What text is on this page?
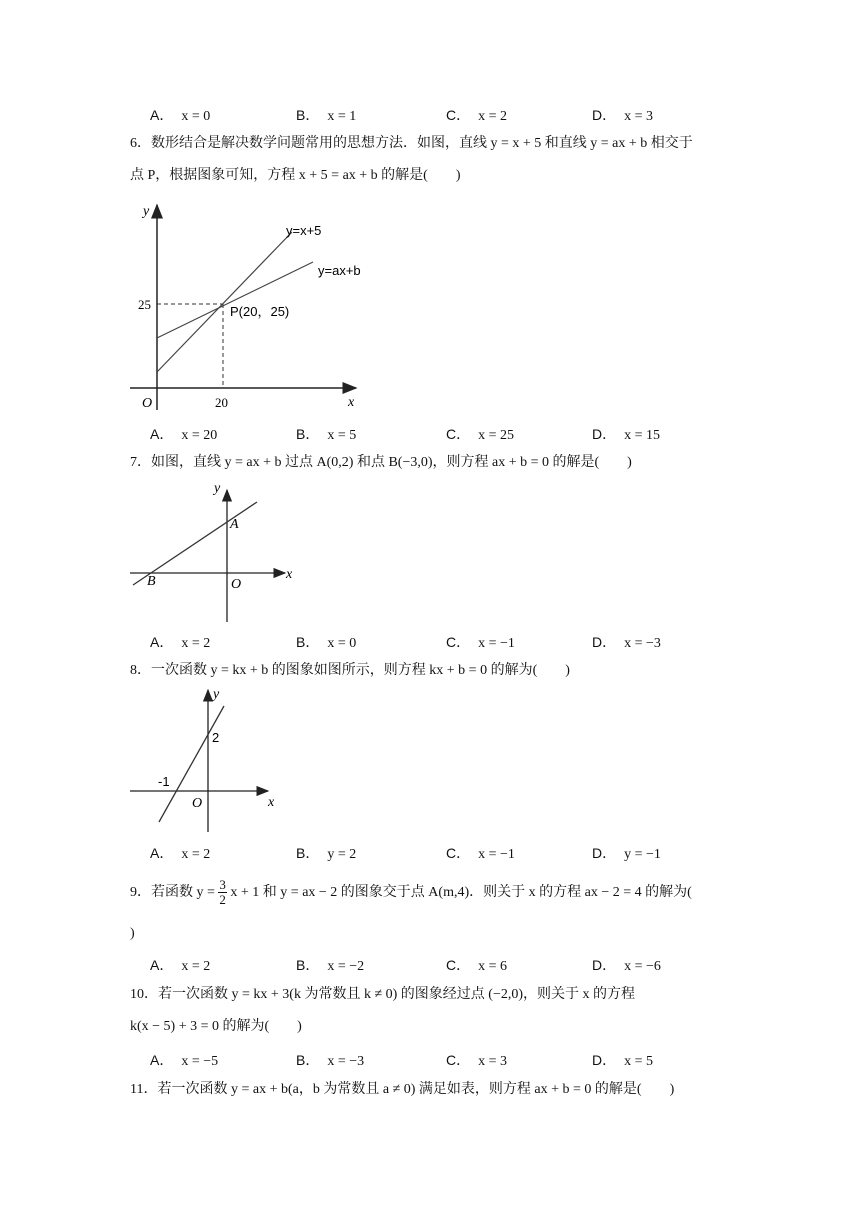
A． x = 0	B． x = 1	C． x = 2	D． x = 3
6．数形结合是解决数学问题常用的思想方法．如图，直线 y = x + 5 和直线 y = ax + b 相交于
点 P，根据图象可知，方程 x + 5 = ax + b 的解是(　　)
y
x
O
25
20
y=x+5
y=ax+b
P(20，25)
A． x = 20	B． x = 5	C． x = 25	D． x = 15
7．如图，直线 y = ax + b 过点 A(0,2) 和点 B(−3,0)，则方程 ax + b = 0 的解是(　　)
y
x
O
A
B
A． x = 2	B． x = 0	C． x = −1	D． x = −3
8．一次函数 y = kx + b 的图象如图所示，则方程 kx + b = 0 的解为(　　)
y
x
O
2
-1
A． x = 2	B． y = 2	C． x = −1	D． y = −1
9．若函数 $y = \frac{3}{2}$ x + 1 和 y = ax − 2 的图象交于点 A(m,4)．则关于 x 的方程 ax − 2 = 4 的解为(
)
A． x = 2	B． x = −2	C． x = 6	D． x = −6
10．若一次函数 y = kx + 3(k 为常数且 k ≠ 0) 的图象经过点 (−2,0)，则关于 x 的方程
k(x − 5) + 3 = 0 的解为(　　)
A． x = −5	B． x = −3	C． x = 3	D． x = 5
11．若一次函数 y = ax + b(a，b 为常数且 a ≠ 0) 满足如表，则方程 ax + b = 0 的解是(　　)
